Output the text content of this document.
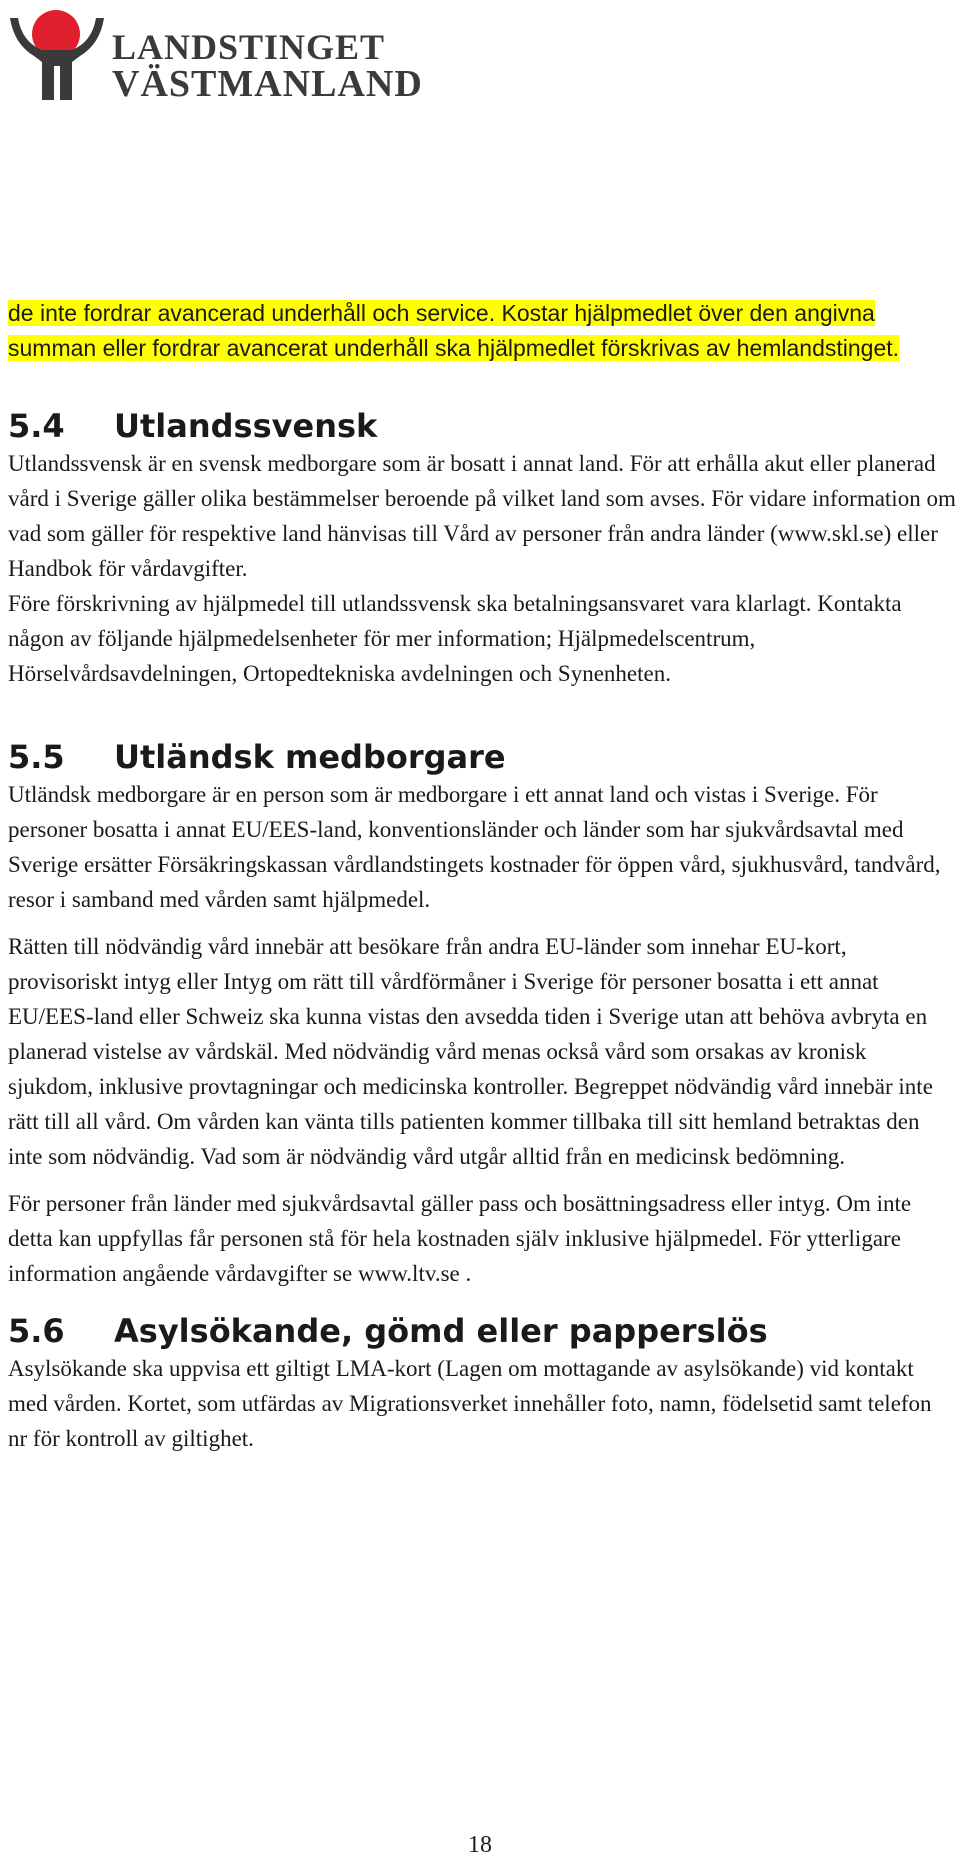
LANDSTINGET
VÄSTMANLAND

de inte fordrar avancerad underhåll och service. Kostar hjälpmedlet över den angivna summan eller fordrar avancerat underhåll ska hjälpmedlet förskrivas av hemlandstinget.

5.4 Utlandssvensk

Utlandssvensk är en svensk medborgare som är bosatt i annat land. För att erhålla akut eller planerad vård i Sverige gäller olika bestämmelser beroende på vilket land som avses. För vidare information om vad som gäller för respektive land hänvisas till Vård av personer från andra länder (www.skl.se) eller Handbok för vårdavgifter.

Före förskrivning av hjälpmedel till utlandssvensk ska betalningsansvaret vara klarlagt. Kontakta någon av följande hjälpmedelsenheter för mer information; Hjälpmedelscentrum, Hörselvårdsavdelningen, Ortopedtekniska avdelningen och Synenheten.

5.5 Utländsk medborgare

Utländsk medborgare är en person som är medborgare i ett annat land och vistas i Sverige. För personer bosatta i annat EU/EES-land, konventionsländer och länder som har sjukvårdsavtal med Sverige ersätter Försäkringskassan vårdlandstingets kostnader för öppen vård, sjukhusvård, tandvård, resor i samband med vården samt hjälpmedel.

Rätten till nödvändig vård innebär att besökare från andra EU-länder som innehar EU-kort, provisoriskt intyg eller Intyg om rätt till vårdförmåner i Sverige för personer bosatta i ett annat EU/EES-land eller Schweiz ska kunna vistas den avsedda tiden i Sverige utan att behöva avbryta en planerad vistelse av vårdskäl. Med nödvändig vård menas också vård som orsakas av kronisk sjukdom, inklusive provtagningar och medicinska kontroller. Begreppet nödvändig vård innebär inte rätt till all vård. Om vården kan vänta tills patienten kommer tillbaka till sitt hemland betraktas den inte som nödvändig. Vad som är nödvändig vård utgår alltid från en medicinsk bedömning.

För personer från länder med sjukvårdsavtal gäller pass och bosättningsadress eller intyg. Om inte detta kan uppfyllas får personen stå för hela kostnaden själv inklusive hjälpmedel. För ytterligare information angående vårdavgifter se www.ltv.se .

5.6 Asylsökande, gömd eller papperslös

Asylsökande ska uppvisa ett giltigt LMA-kort (Lagen om mottagande av asylsökande) vid kontakt med vården. Kortet, som utfärdas av Migrationsverket innehåller foto, namn, födelsetid samt telefon nr för kontroll av giltighet.

18
